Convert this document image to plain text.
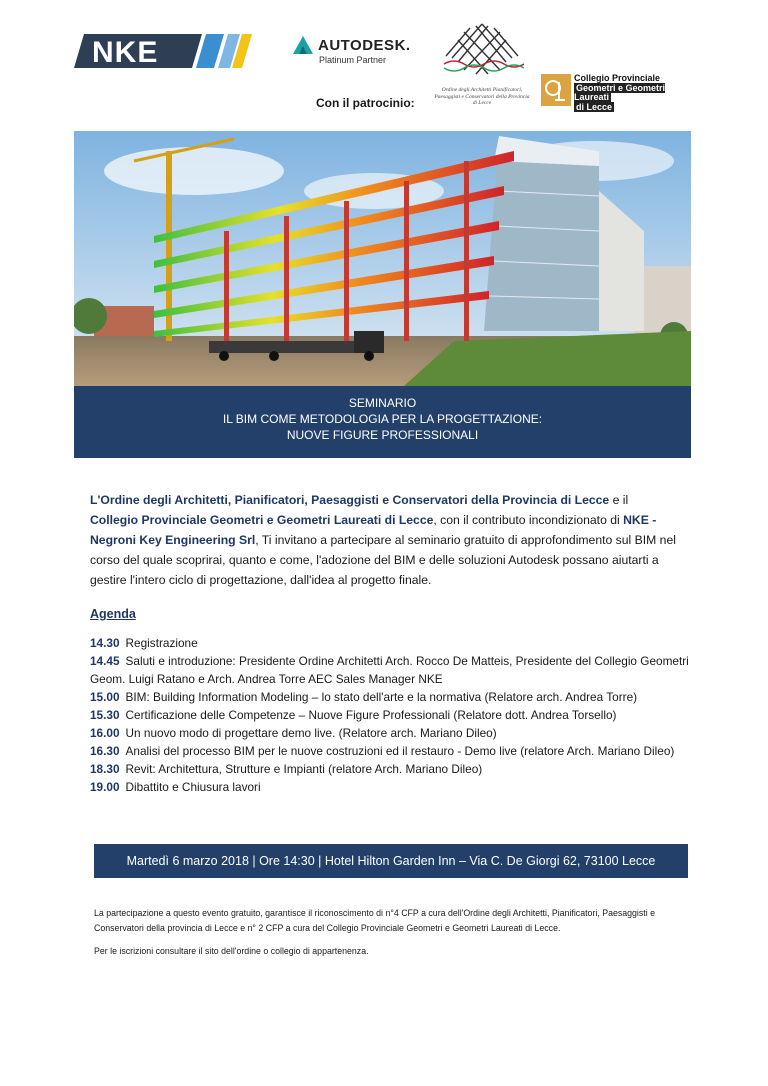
NKE	AUTODESK.
Platinum Partner
Ordine degli Architetti Pianificatori, Paesaggisti e Conservatori della Provincia di Lecce
Collegio Provinciale
Geometri e Geometri Laureati
di Lecce
Con il patrocinio:
SEMINARIO
IL BIM COME METODOLOGIA PER LA PROGETTAZIONE:
NUOVE FIGURE PROFESSIONALI
L'Ordine degli Architetti, Pianificatori, Paesaggisti e Conservatori della Provincia di Lecce e il Collegio Provinciale Geometri e Geometri Laureati di Lecce, con il contributo incondizionato di NKE - Negroni Key Engineering Srl, Ti invitano a partecipare al seminario gratuito di approfondimento sul BIM nel corso del quale scoprirai, quanto e come, l'adozione del BIM e delle soluzioni Autodesk possano aiutarti a gestire l'intero ciclo di progettazione, dall'idea al progetto finale.
Agenda

14.30 Registrazione

14.45 Saluti e introduzione: Presidente Ordine Architetti Arch. Rocco De Matteis, Presidente del Collegio Geometri Geom. Luigi Ratano e Arch. Andrea Torre AEC Sales Manager NKE

15.00 BIM: Building Information Modeling – lo stato dell'arte e la normativa (Relatore arch. Andrea Torre)

15.30 Certificazione delle Competenze – Nuove Figure Professionali (Relatore dott. Andrea Torsello)

16.00 Un nuovo modo di progettare demo live. (Relatore arch. Mariano Dileo)

16.30 Analisi del processo BIM per le nuove costruzioni ed il restauro - Demo live (relatore Arch. Mariano Dileo)

18.30 Revit: Architettura, Strutture e Impianti (relatore Arch. Mariano Dileo)

19.00 Dibattito e Chiusura lavori

Martedì 6 marzo 2018 | Ore 14:30 | Hotel Hilton Garden Inn – Via C. De Giorgi 62, 73100 Lecce
La partecipazione a questo evento gratuito, garantisce il riconoscimento di n°4 CFP a cura dell'Ordine degli Architetti, Pianificatori, Paesaggisti e Conservatori della provincia di Lecce e n° 2 CFP a cura del Collegio Provinciale Geometri e Geometri Laureati di Lecce.
Per le iscrizioni consultare il sito dell'ordine o collegio di appartenenza.
